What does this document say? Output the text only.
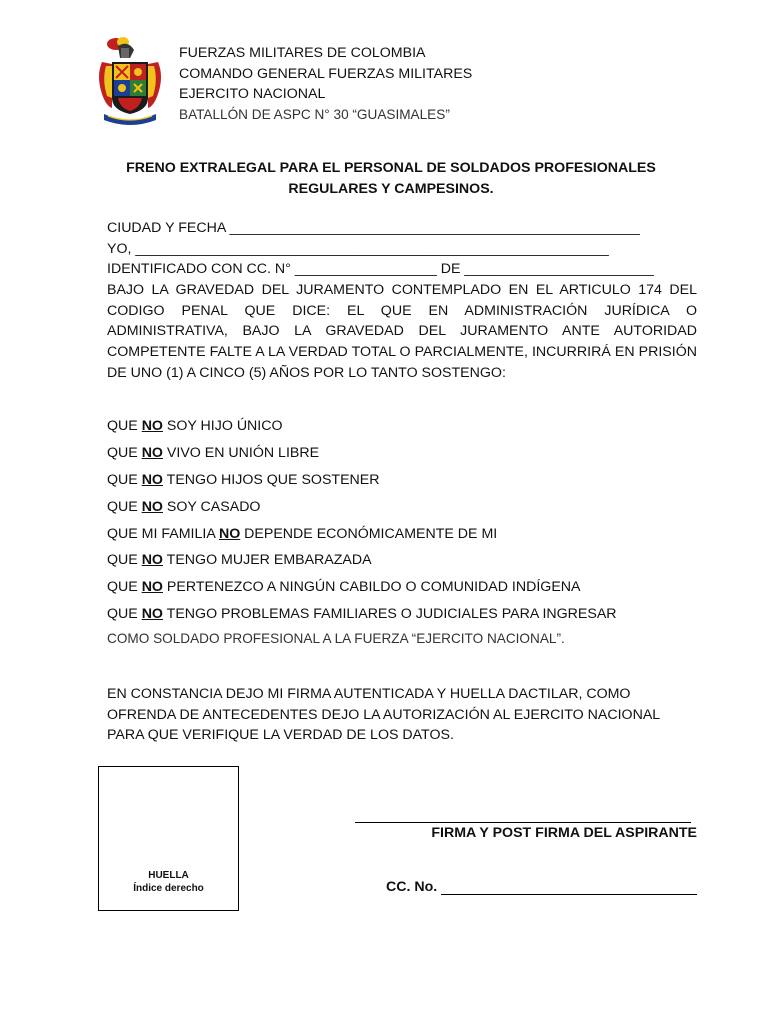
FUERZAS MILITARES DE COLOMBIA
COMANDO GENERAL FUERZAS MILITARES
EJERCITO NACIONAL
BATALLÓN DE ASPC N° 30 “GUASIMALES”
FRENO EXTRALEGAL PARA EL PERSONAL DE SOLDADOS PROFESIONALES
REGULARES Y CAMPESINOS.
CIUDAD Y FECHA ____________________________________________________
YO, ____________________________________________________________
IDENTIFICADO CON CC. N° __________________ DE ________________________
BAJO LA GRAVEDAD DEL JURAMENTO CONTEMPLADO EN EL ARTICULO 174 DEL CODIGO PENAL QUE DICE: EL QUE EN ADMINISTRACIÓN JURÍDICA O ADMINISTRATIVA, BAJO LA GRAVEDAD DEL JURAMENTO ANTE AUTORIDAD COMPETENTE FALTE A LA VERDAD TOTAL O PARCIALMENTE, INCURRIRÁ EN PRISIÓN DE UNO (1) A CINCO (5) AÑOS POR LO TANTO SOSTENGO:
QUE NO SOY HIJO ÚNICO
QUE NO VIVO EN UNIÓN LIBRE
QUE NO TENGO HIJOS QUE SOSTENER
QUE NO SOY CASADO
QUE MI FAMILIA NO DEPENDE ECONÓMICAMENTE DE MI
QUE NO TENGO MUJER EMBARAZADA
QUE NO PERTENEZCO A NINGÚN CABILDO O COMUNIDAD INDÍGENA
QUE NO TENGO PROBLEMAS FAMILIARES O JUDICIALES PARA INGRESAR
COMO SOLDADO PROFESIONAL A LA FUERZA “EJERCITO NACIONAL”.
EN CONSTANCIA DEJO MI FIRMA AUTENTICADA Y HUELLA DACTILAR, COMO OFRENDA DE ANTECEDENTES DEJO LA AUTORIZACIÓN AL EJERCITO NACIONAL PARA QUE VERIFIQUE LA VERDAD DE LOS DATOS.
HUELLA
Índice derecho
FIRMA Y POST FIRMA DEL ASPIRANTE
CC. No.
